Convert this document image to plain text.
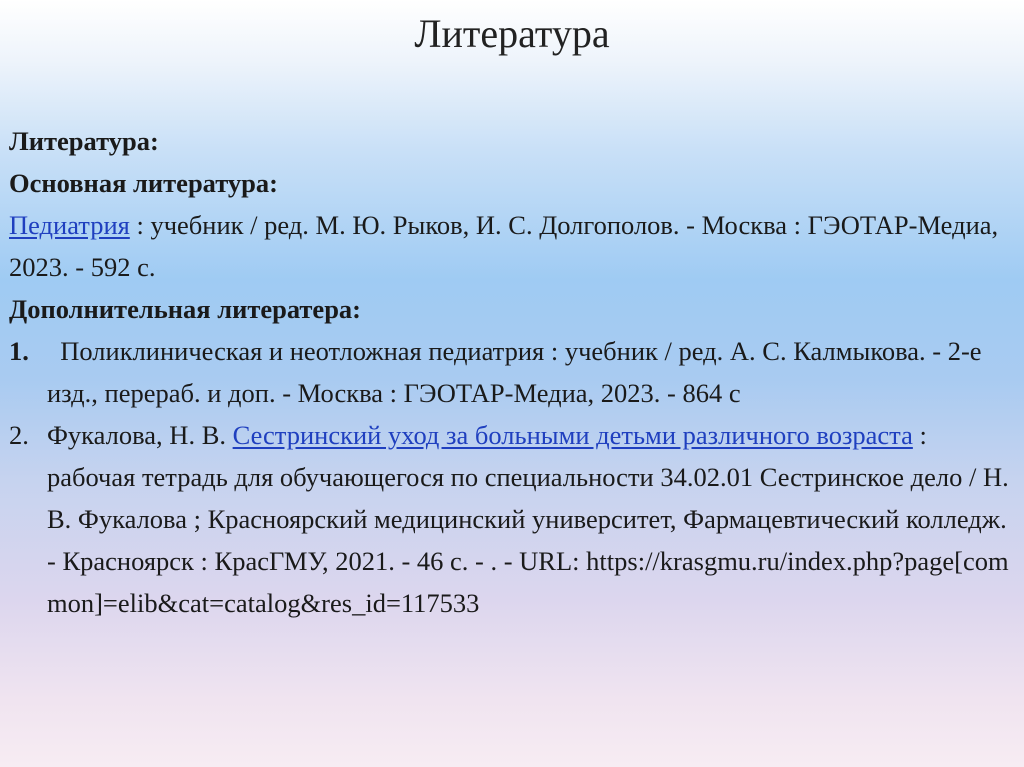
Литература
Литература:
Основная литература:
Педиатрия : учебник / ред. М. Ю. Рыков, И. С. Долгополов. - Москва : ГЭОТАР-Медиа, 2023. - 592 с.
Дополнительная литератера:
1. Поликлиническая и неотложная педиатрия : учебник / ред. А. С. Калмыкова. - 2-е изд., перераб. и доп. - Москва : ГЭОТАР-Медиа, 2023. - 864 с
2. Фукалова, Н. В. Сестринский уход за больными детьми различного возраста : рабочая тетрадь для обучающегося по специальности 34.02.01 Сестринское дело / Н. В. Фукалова ; Красноярский медицинский университет, Фармацевтический колледж. - Красноярск : КрасГМУ, 2021. - 46 с. - . - URL: https://krasgmu.ru/index.php?page[common]=elib&cat=catalog&res_id=117533
